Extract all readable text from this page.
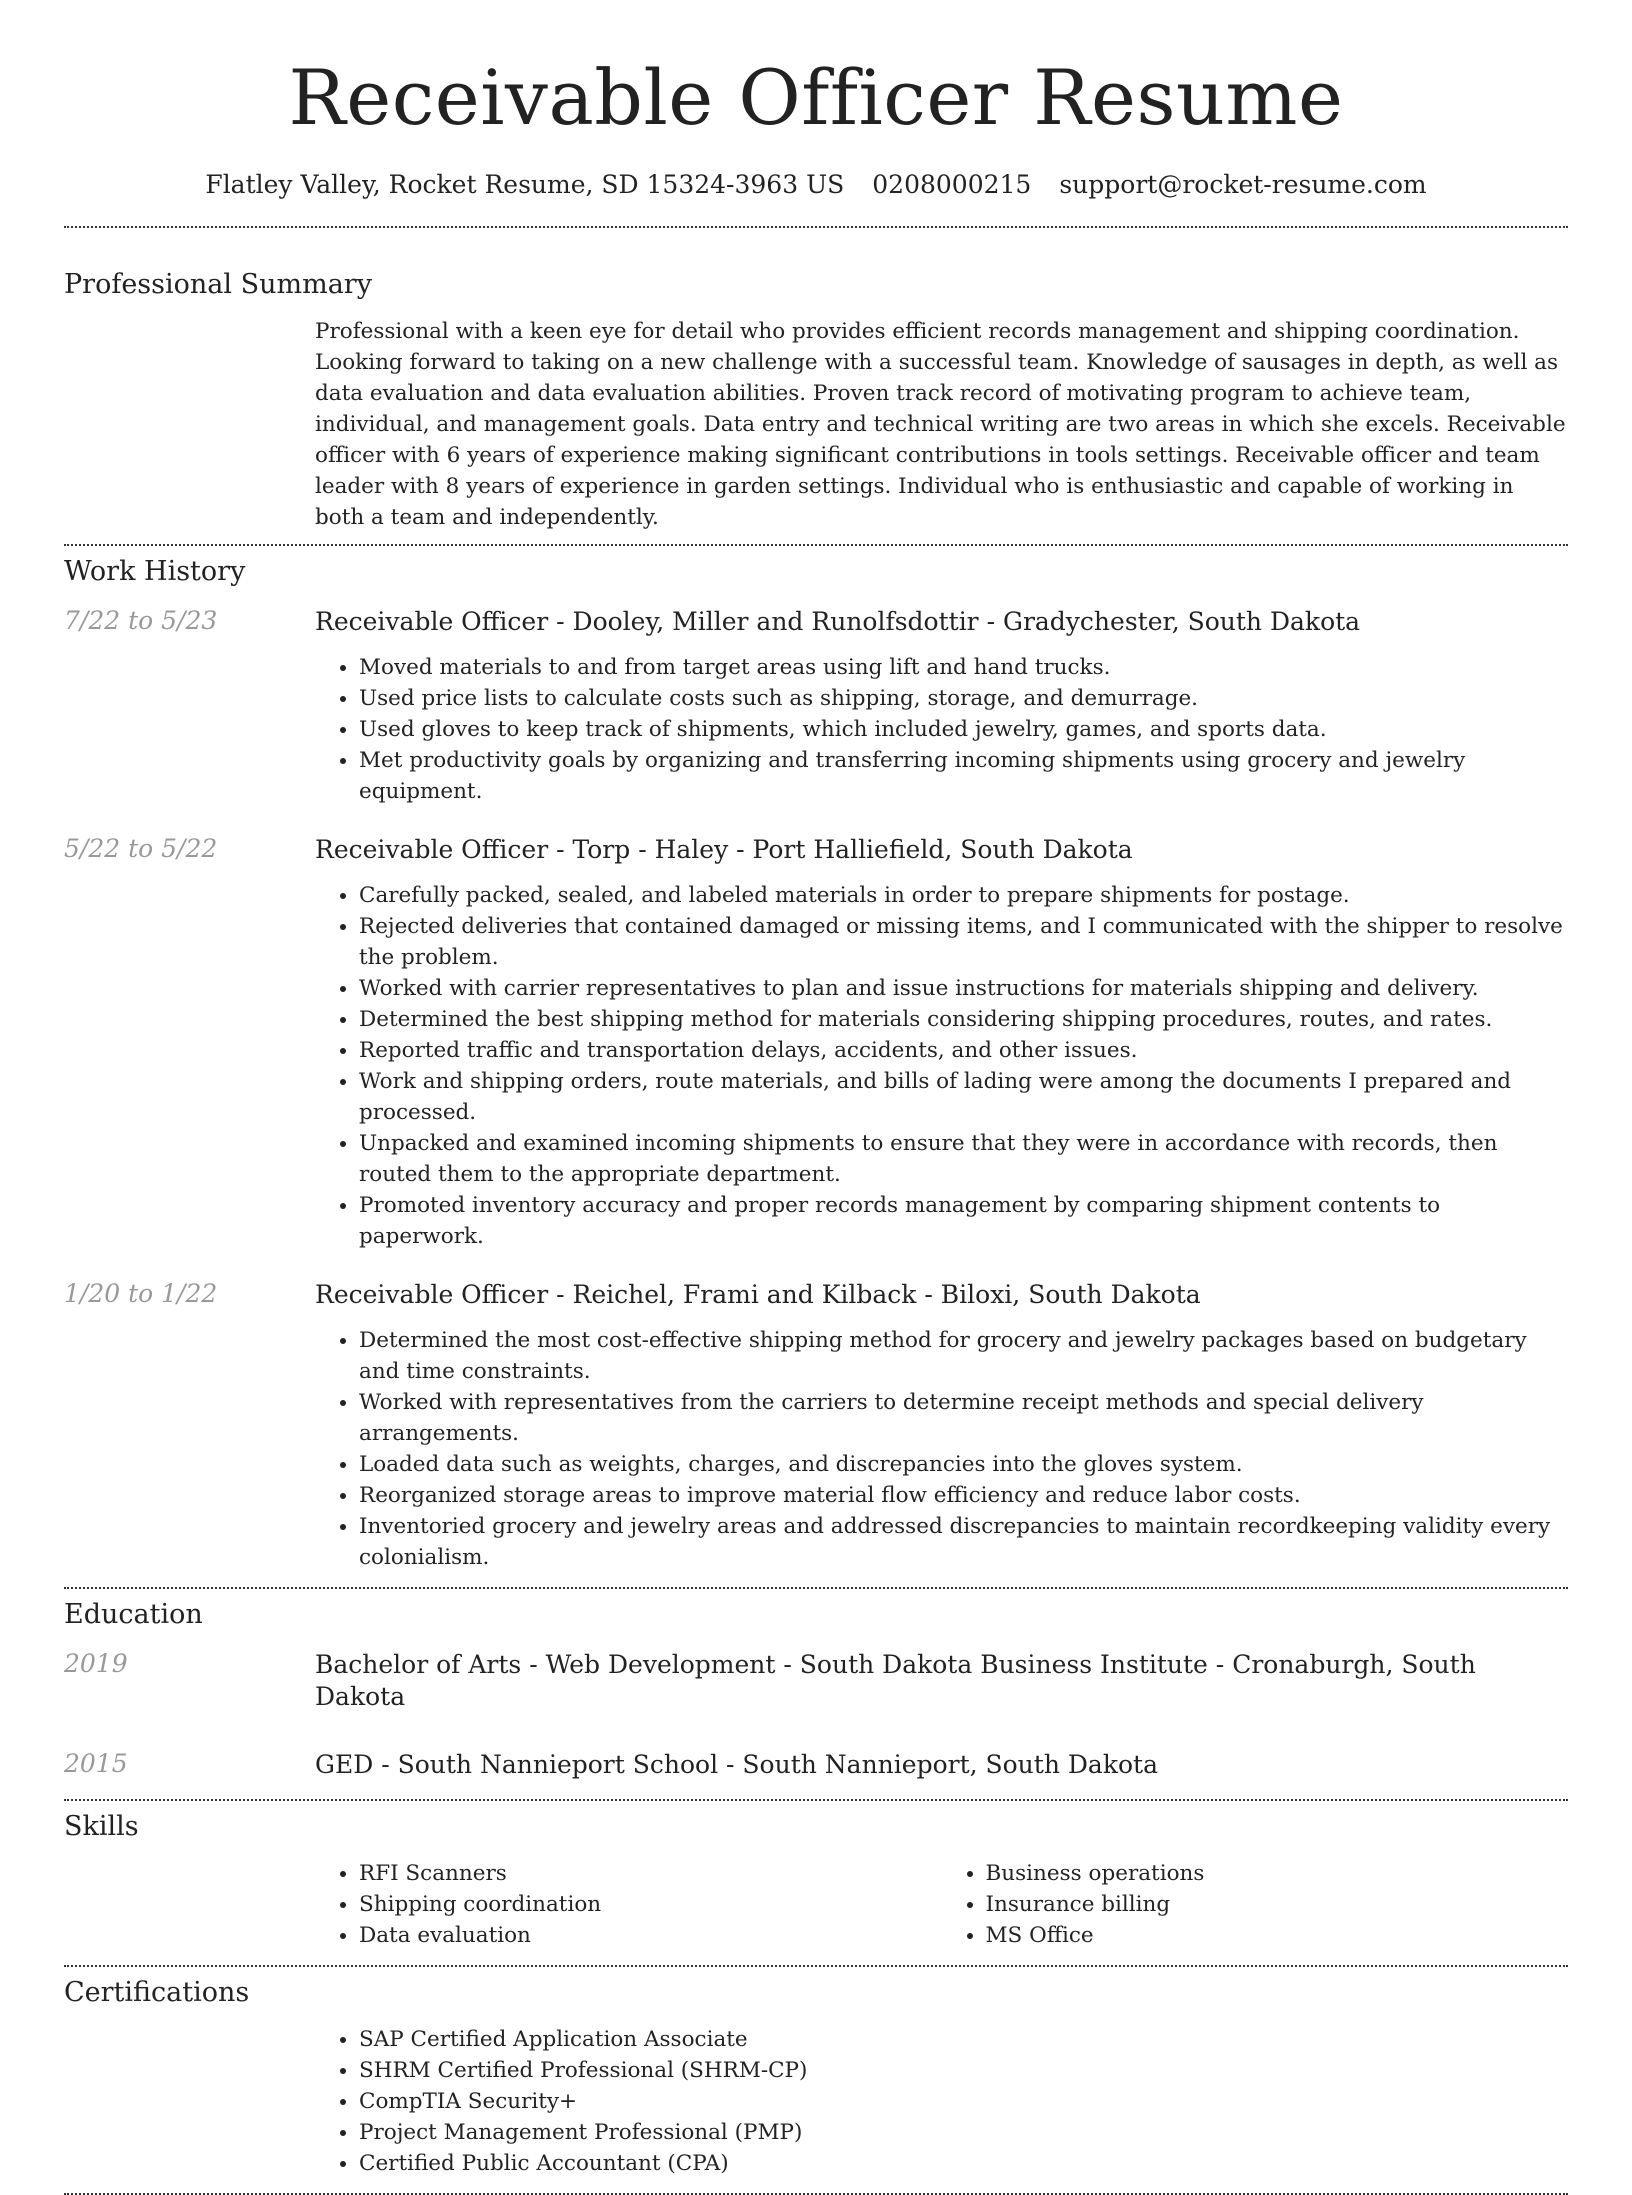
Receivable Officer Resume
Flatley Valley, Rocket Resume, SD 15324-3963 US 0208000215 support@rocket-resume.com
Professional Summary
Professional with a keen eye for detail who provides efficient records management and shipping coordination. Looking forward to taking on a new challenge with a successful team. Knowledge of sausages in depth, as well as data evaluation and data evaluation abilities. Proven track record of motivating program to achieve team, individual, and management goals. Data entry and technical writing are two areas in which she excels. Receivable officer with 6 years of experience making significant contributions in tools settings. Receivable officer and team leader with 8 years of experience in garden settings. Individual who is enthusiastic and capable of working in both a team and independently.
Work History
7/22 to 5/23	Receivable Officer - Dooley, Miller and Runolfsdottir - Gradychester, South Dakota
• Moved materials to and from target areas using lift and hand trucks.
• Used price lists to calculate costs such as shipping, storage, and demurrage.
• Used gloves to keep track of shipments, which included jewelry, games, and sports data.
• Met productivity goals by organizing and transferring incoming shipments using grocery and jewelry equipment.
5/22 to 5/22	Receivable Officer - Torp - Haley - Port Halliefield, South Dakota
• Carefully packed, sealed, and labeled materials in order to prepare shipments for postage.
• Rejected deliveries that contained damaged or missing items, and I communicated with the shipper to resolve the problem.
• Worked with carrier representatives to plan and issue instructions for materials shipping and delivery.
• Determined the best shipping method for materials considering shipping procedures, routes, and rates.
• Reported traffic and transportation delays, accidents, and other issues.
• Work and shipping orders, route materials, and bills of lading were among the documents I prepared and processed.
• Unpacked and examined incoming shipments to ensure that they were in accordance with records, then routed them to the appropriate department.
• Promoted inventory accuracy and proper records management by comparing shipment contents to paperwork.
1/20 to 1/22	Receivable Officer - Reichel, Frami and Kilback - Biloxi, South Dakota
• Determined the most cost-effective shipping method for grocery and jewelry packages based on budgetary and time constraints.
• Worked with representatives from the carriers to determine receipt methods and special delivery arrangements.
• Loaded data such as weights, charges, and discrepancies into the gloves system.
• Reorganized storage areas to improve material flow efficiency and reduce labor costs.
• Inventoried grocery and jewelry areas and addressed discrepancies to maintain recordkeeping validity every colonialism.
Education
2019	Bachelor of Arts - Web Development - South Dakota Business Institute - Cronaburgh, South Dakota
2015	GED - South Nannieport School - South Nannieport, South Dakota
Skills
• RFI Scanners
• Shipping coordination
• Data evaluation
• Business operations
• Insurance billing
• MS Office
Certifications
• SAP Certified Application Associate
• SHRM Certified Professional (SHRM-CP)
• CompTIA Security+
• Project Management Professional (PMP)
• Certified Public Accountant (CPA)
